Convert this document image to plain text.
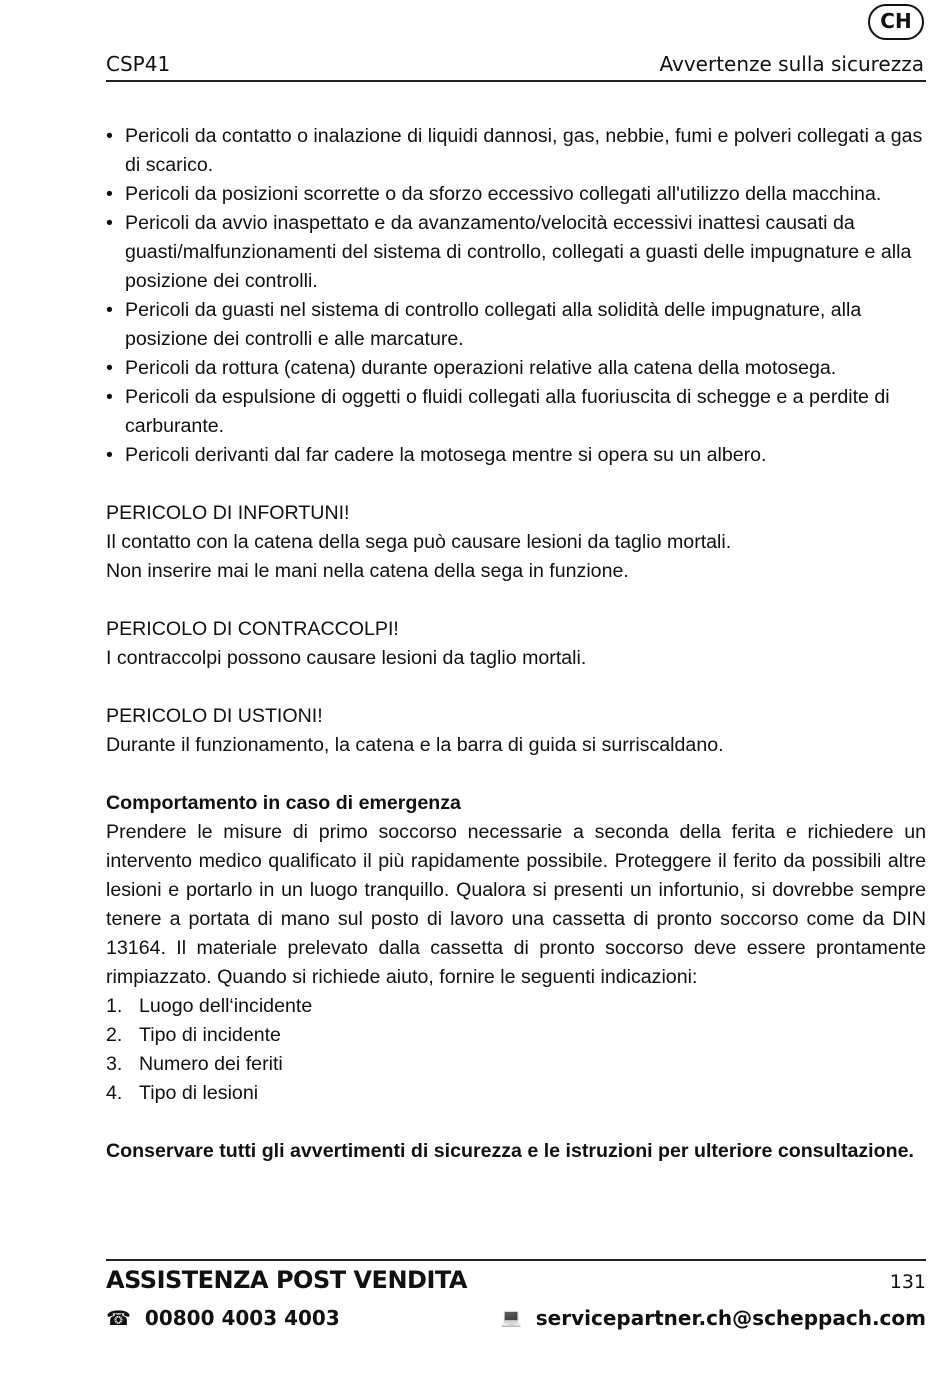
CH
CSP41	Avvertenze sulla sicurezza
• Pericoli da contatto o inalazione di liquidi dannosi, gas, nebbie, fumi e polveri collegati a gas di scarico.
• Pericoli da posizioni scorrette o da sforzo eccessivo collegati all'utilizzo della macchina.
• Pericoli da avvio inaspettato e da avanzamento/velocità eccessivi inattesi causati da guasti/malfunzionamenti del sistema di controllo, collegati a guasti delle impugnature e alla posizione dei controlli.
• Pericoli da guasti nel sistema di controllo collegati alla solidità delle impugnature, alla posizione dei controlli e alle marcature.
• Pericoli da rottura (catena) durante operazioni relative alla catena della motosega.
• Pericoli da espulsione di oggetti o fluidi collegati alla fuoriuscita di schegge e a perdite di carburante.
• Pericoli derivanti dal far cadere la motosega mentre si opera su un albero.
PERICOLO DI INFORTUNI!
Il contatto con la catena della sega può causare lesioni da taglio mortali.
Non inserire mai le mani nella catena della sega in funzione.
PERICOLO DI CONTRACCOLPI!
I contraccolpi possono causare lesioni da taglio mortali.
PERICOLO DI USTIONI!
Durante il funzionamento, la catena e la barra di guida si surriscaldano.
Comportamento in caso di emergenza
Prendere le misure di primo soccorso necessarie a seconda della ferita e richiedere un intervento medico qualificato il più rapidamente possibile. Proteggere il ferito da possibili altre lesioni e portarlo in un luogo tranquillo. Qualora si presenti un infortunio, si dovrebbe sempre tenere a portata di mano sul posto di lavoro una cassetta di pronto soccorso come da DIN 13164. Il materiale prelevato dalla cassetta di pronto soccorso deve essere prontamente rimpiazzato. Quando si richiede aiuto, fornire le seguenti indicazioni:
1. Luogo dell‘incidente
2. Tipo di incidente
3. Numero dei feriti
4. Tipo di lesioni
Conservare tutti gli avvertimenti di sicurezza e le istruzioni per ulteriore consultazione.
ASSISTENZA POST VENDITA	131
☎ 00800 4003 4003	💻 servicepartner.ch@scheppach.com
